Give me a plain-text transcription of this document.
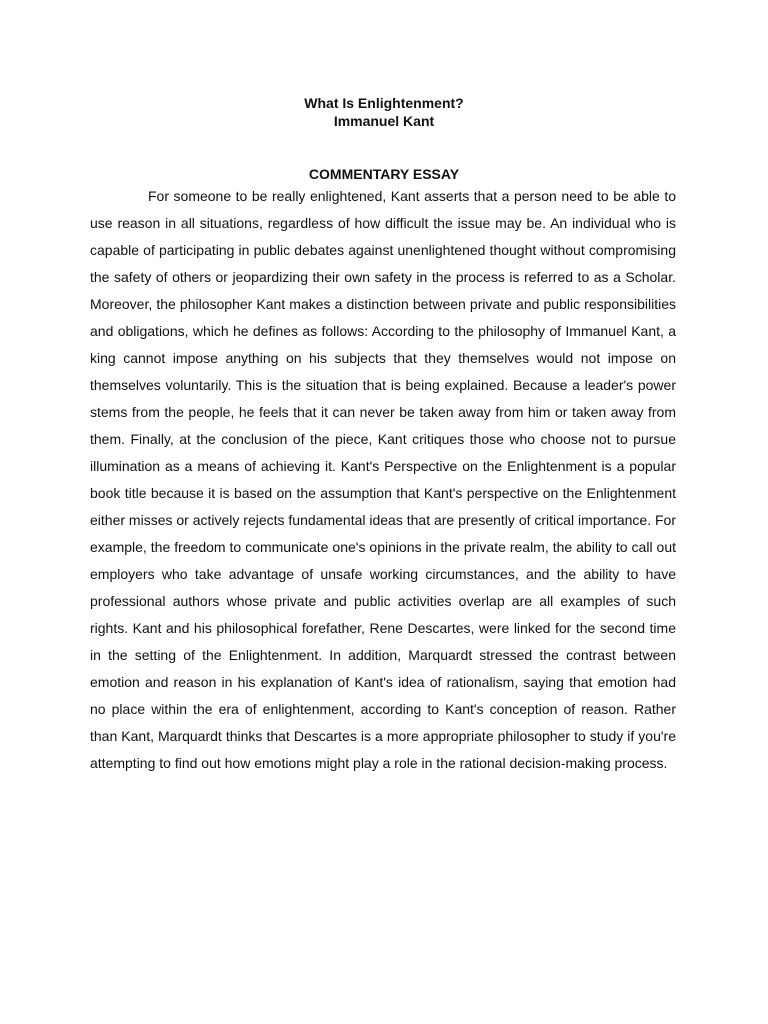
What Is Enlightenment?
Immanuel Kant
COMMENTARY ESSAY

For someone to be really enlightened, Kant asserts that a person need to be able to use reason in all situations, regardless of how difficult the issue may be. An individual who is capable of participating in public debates against unenlightened thought without compromising the safety of others or jeopardizing their own safety in the process is referred to as a Scholar. Moreover, the philosopher Kant makes a distinction between private and public responsibilities and obligations, which he defines as follows: According to the philosophy of Immanuel Kant, a king cannot impose anything on his subjects that they themselves would not impose on themselves voluntarily. This is the situation that is being explained. Because a leader's power stems from the people, he feels that it can never be taken away from him or taken away from them. Finally, at the conclusion of the piece, Kant critiques those who choose not to pursue illumination as a means of achieving it. Kant's Perspective on the Enlightenment is a popular book title because it is based on the assumption that Kant's perspective on the Enlightenment either misses or actively rejects fundamental ideas that are presently of critical importance. For example, the freedom to communicate one's opinions in the private realm, the ability to call out employers who take advantage of unsafe working circumstances, and the ability to have professional authors whose private and public activities overlap are all examples of such rights. Kant and his philosophical forefather, Rene Descartes, were linked for the second time in the setting of the Enlightenment. In addition, Marquardt stressed the contrast between emotion and reason in his explanation of Kant's idea of rationalism, saying that emotion had no place within the era of enlightenment, according to Kant's conception of reason. Rather than Kant, Marquardt thinks that Descartes is a more appropriate philosopher to study if you're attempting to find out how emotions might play a role in the rational decision-making process.
